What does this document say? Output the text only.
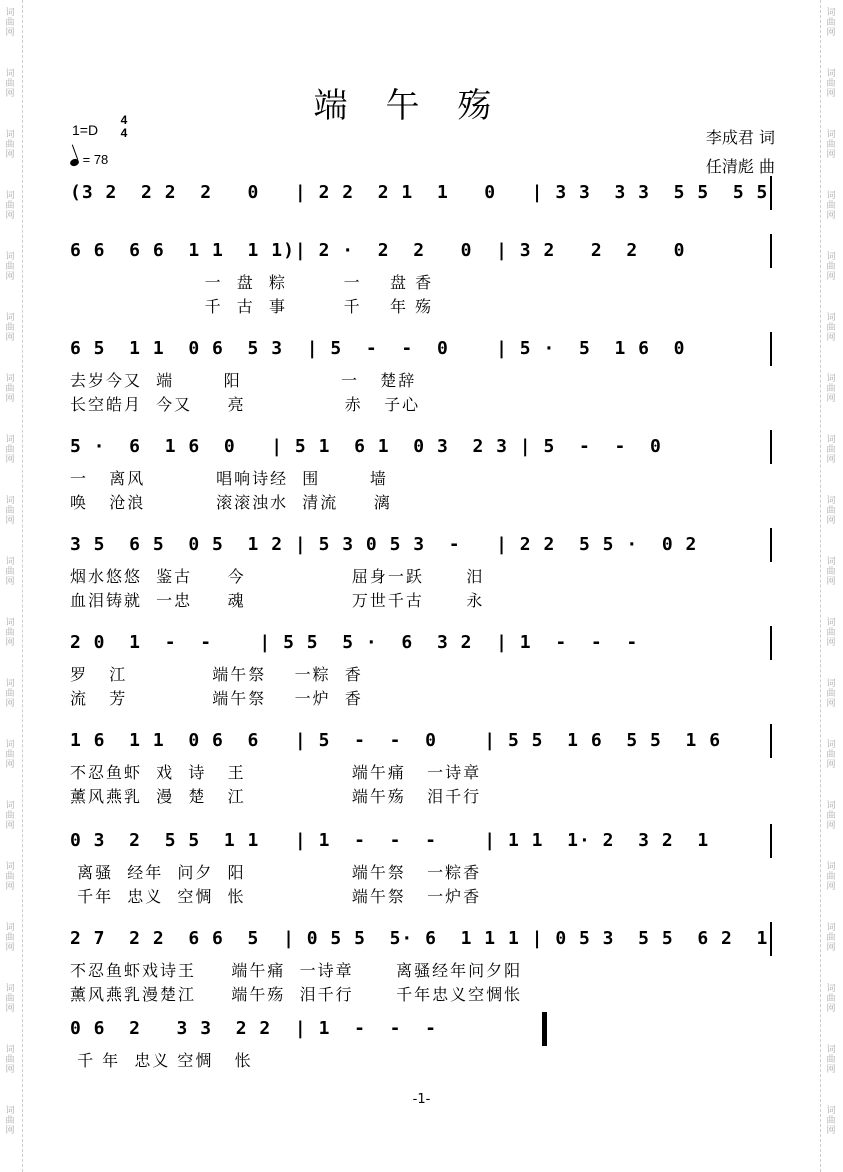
词曲网
词曲网
词曲网
词曲网
词曲网
词曲网
词曲网
词曲网
词曲网
词曲网
词曲网
词曲网
词曲网
词曲网
词曲网
词曲网
词曲网
词曲网
词曲网
词曲网
词曲网
词曲网
词曲网
词曲网
词曲网
词曲网
词曲网
词曲网
词曲网
词曲网
词曲网
词曲网
词曲网
词曲网
词曲网
词曲网
词曲网
词曲网
端午殇
1=D
4
4
= 78
李成君 词
任清彪 曲
(3 2  2 2  2   0   | 2 2  2 1  1   0   | 3 3  3 3  5 5  5 5
6 6  6 6  1 1  1 1)| 2 ·  2  2   0  | 3 2   2  2   0
一  盘  粽        一    盘 香
千  古  事        千    年 殇
6 5  1 1  0 6  5 3  | 5  -  -  0    | 5 ·  5  1 6  0
去岁今又  端       阳              一   楚辞
长空皓月  今又     亮              赤   子心
5 ·  6  1 6  0   | 5 1  6 1  0 3  2 3 | 5  -  -  0
一   离风          唱响诗经  围       墙
唤   沧浪          滚滚浊水  清流     漓
3 5  6 5  0 5  1 2 | 5 3 0 5 3  -   | 2 2  5 5 ·  0 2
烟水悠悠  鉴古     今               屈身一跃      汨
血泪铸就  一忠     魂               万世千古      永
2 0  1  -  -    | 5 5  5 ·  6  3 2  | 1  -  -  -
罗   江            端午祭    一粽  香
流   芳            端午祭    一炉  香
1 6  1 1  0 6  6   | 5  -  -  0    | 5 5  1 6  5 5  1 6
不忍鱼虾  戏  诗   王               端午痛   一诗章
薰风燕乳  漫  楚   江               端午殇   泪千行
0 3  2  5 5  1 1   | 1  -  -  -    | 1 1  1· 2  3 2  1
离骚  经年  问夕  阳               端午祭   一粽香
千年  忠义  空惆  怅               端午祭   一炉香
2 7  2 2  6 6  5  | 0 5 5  5· 6  1 1 1 | 0 5 3  5 5  6 2  1
不忍鱼虾戏诗王     端午痛  一诗章      离骚经年问夕阳
薰风燕乳漫楚江     端午殇  泪千行      千年忠义空惆怅
0 6  2   3 3  2 2  | 1  -  -  -
千 年  忠义 空惆   怅
-1-
